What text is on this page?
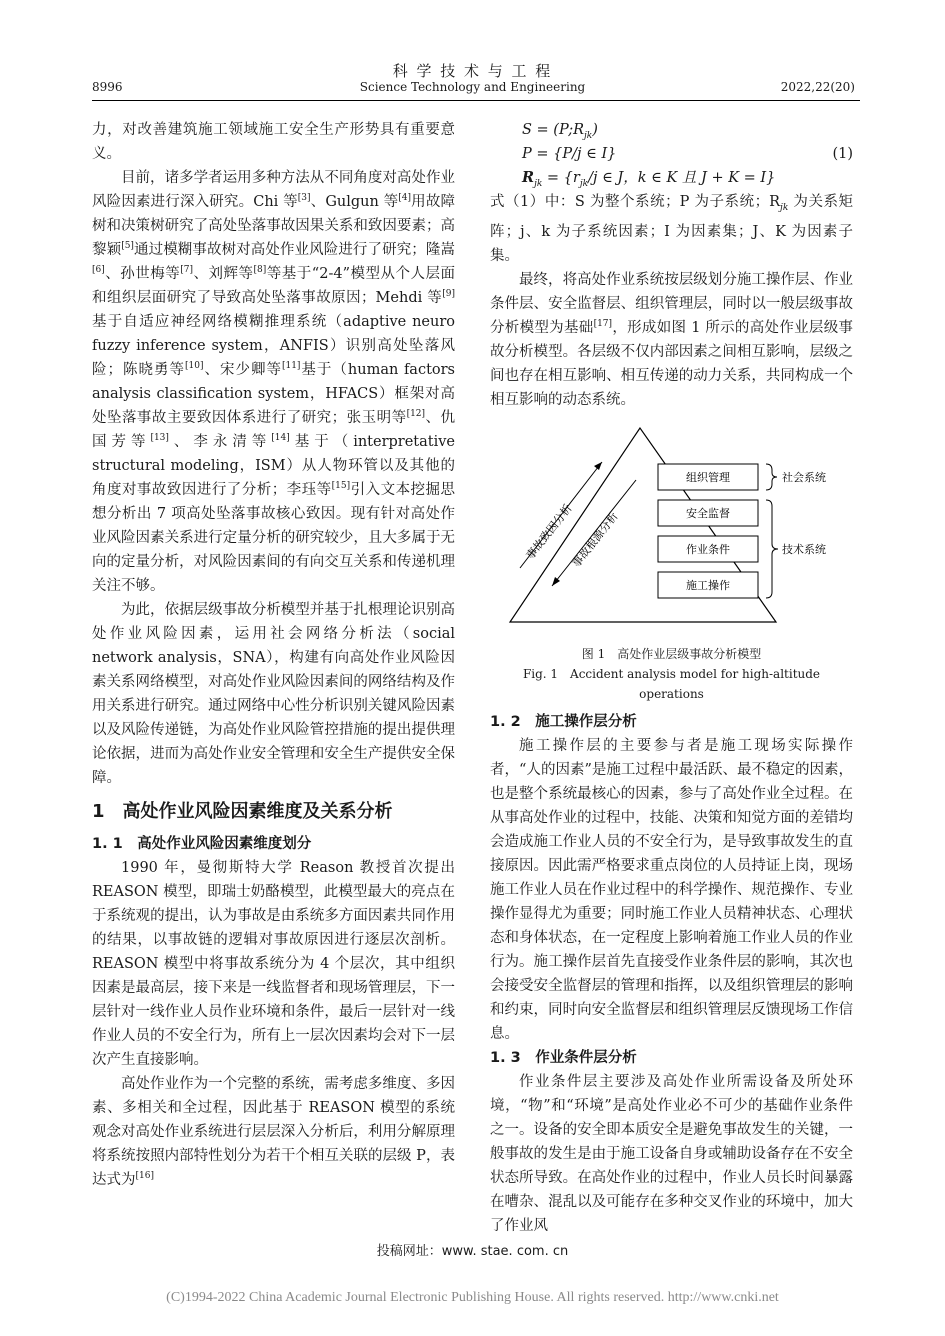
科 学 技 术 与 工 程
8996	Science Technology and Engineering	2022,22(20)

力，对改善建筑施工领域施工安全生产形势具有重要意义。

目前，诸多学者运用多种方法从不同角度对高处作业风险因素进行深入研究。Chi 等[3]、Gulgun 等[4]用故障树和决策树研究了高处坠落事故因果关系和致因要素；高黎颖[5]通过模糊事故树对高处作业风险进行了研究；隆嵩[6]、孙世梅等[7]、刘辉等[8]等基于“2-4”模型从个人层面和组织层面研究了导致高处坠落事故原因；Mehdi 等[9]基于自适应神经网络模糊推理系统（adaptive neuro fuzzy inference system，ANFIS）识别高处坠落风险；陈晓勇等[10]、宋少卿等[11]基于（human factors analysis classification system，HFACS）框架对高处坠落事故主要致因体系进行了研究；张玉明等[12]、仇国芳等[13]、李永清等[14]基于（interpretative structural modeling，ISM）从人物环管以及其他的角度对事故致因进行了分析；李珏等[15]引入文本挖掘思想分析出 7 项高处坠落事故核心致因。现有针对高处作业风险因素关系进行定量分析的研究较少，且大多属于无向的定量分析，对风险因素间的有向交互关系和传递机理关注不够。

为此，依据层级事故分析模型并基于扎根理论识别高处作业风险因素，运用社会网络分析法（social network analysis，SNA），构建有向高处作业风险因素关系网络模型，对高处作业风险因素间的网络结构及作用关系进行研究。通过网络中心性分析识别关键风险因素以及风险传递链，为高处作业风险管控措施的提出提供理论依据，进而为高处作业安全管理和安全生产提供安全保障。

1　高处作业风险因素维度及关系分析

1. 1　高处作业风险因素维度划分

1990 年，曼彻斯特大学 Reason 教授首次提出 REASON 模型，即瑞士奶酪模型，此模型最大的亮点在于系统观的提出，认为事故是由系统多方面因素共同作用的结果，以事故链的逻辑对事故原因进行逐层次剖析。REASON 模型中将事故系统分为 4 个层次，其中组织因素是最高层，接下来是一线监督者和现场管理层，下一层针对一线作业人员作业环境和条件，最后一层针对一线作业人员的不安全行为，所有上一层次因素均会对下一层次产生直接影响。

高处作业作为一个完整的系统，需考虑多维度、多因素、多相关和全过程，因此基于 REASON 模型的系统观念对高处作业系统进行层层深入分析后，利用分解原理将系统按照内部特性划分为若干个相互关联的层级 P，表达式为[16]

$S = (P;R_{jk})$
P = {P/j ∈ I}	(1)
$R_{jk} = \{r_{jk}/j$ ∈ J，k ∈ K 且 J + K = I}

式（1）中：S 为整个系统；P 为子系统；$R_{jk}$ 为关系矩阵；j、k 为子系统因素；I 为因素集；J、K 为因素子集。

最终，将高处作业系统按层级划分施工操作层、作业条件层、安全监督层、组织管理层，同时以一般层级事故分析模型为基础[17]，形成如图 1 所示的高处作业层级事故分析模型。各层级不仅内部因素之间相互影响，层级之间也存在相互影响、相互传递的动力关系，共同构成一个相互影响的动态系统。

组织管理
安全监督
作业条件
施工操作
社会系统
技术系统
事故致因分析
事故根源分析
图 1　高处作业层级事故分析模型
Fig. 1　Accident analysis model for high-altitude operations

1. 2　施工操作层分析

施工操作层的主要参与者是施工现场实际操作者，“人的因素”是施工过程中最活跃、最不稳定的因素，也是整个系统最核心的因素，参与了高处作业全过程。在从事高处作业的过程中，技能、决策和知觉方面的差错均会造成施工作业人员的不安全行为，是导致事故发生的直接原因。因此需严格要求重点岗位的人员持证上岗，现场施工作业人员在作业过程中的科学操作、规范操作、专业操作显得尤为重要；同时施工作业人员精神状态、心理状态和身体状态，在一定程度上影响着施工作业人员的作业行为。施工操作层首先直接受作业条件层的影响，其次也会接受安全监督层的管理和指挥，以及组织管理层的影响和约束，同时向安全监督层和组织管理层反馈现场工作信息。

1. 3　作业条件层分析

作业条件层主要涉及高处作业所需设备及所处环境，“物”和“环境”是高处作业必不可少的基础作业条件之一。设备的安全即本质安全是避免事故发生的关键，一般事故的发生是由于施工设备自身或辅助设备存在不安全状态所导致。在高处作业的过程中，作业人员长时间暴露在嘈杂、混乱以及可能存在多种交叉作业的环境中，加大了作业风

投稿网址：www. stae. com. cn
(C)1994-2022 China Academic Journal Electronic Publishing House. All rights reserved. http://www.cnki.net
